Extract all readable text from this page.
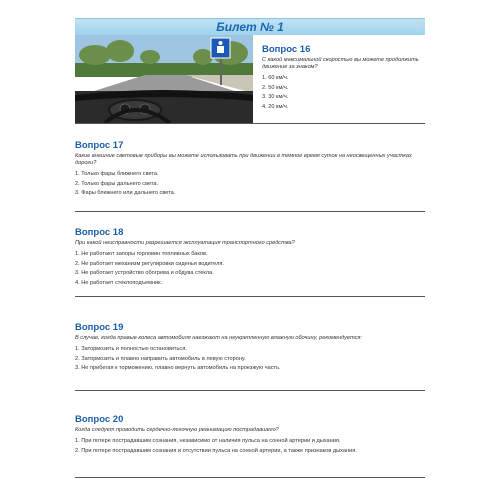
Билет № 1	7
Вопрос 16
С какой максимальной скоростью вы можете продолжить движение за знаком?
1. 60 км/ч.
2. 50 км/ч.
3. 30 км/ч.
4. 20 км/ч.
Вопрос 17
Какие внешние световые приборы вы можете использовать при движении в темное время суток на неосвещенных участках дороги?
1. Только фары ближнего света.
2. Только фары дальнего света.
3. Фары ближнего или дальнего света.
Вопрос 18
При какой неисправности разрешается эксплуатация транспортного средства?
1. Не работают запоры горловин топливных баков.
2. Не работает механизм регулировки сиденья водителя.
3. Не работает устройство обогрева и обдува стекла.
4. Не работает стеклоподъемник.
Вопрос 19
В случае, когда правые колеса автомобиля наезжают на неукрепленную влажную обочину, рекомендуется:
1. Затормозить и полностью остановиться.
2. Затормозить и плавно направить автомобиль в левую сторону.
3. Не прибегая к торможению, плавно вернуть автомобиль на проезжую часть.
Вопрос 20
Когда следует проводить сердечно-легочную реанимацию пострадавшего?
1. При потере пострадавшим сознания, независимо от наличия пульса на сонной артерии и дыхания.
2. При потере пострадавшим сознания и отсутствии пульса на сонной артерии, а также признаков дыхания.
